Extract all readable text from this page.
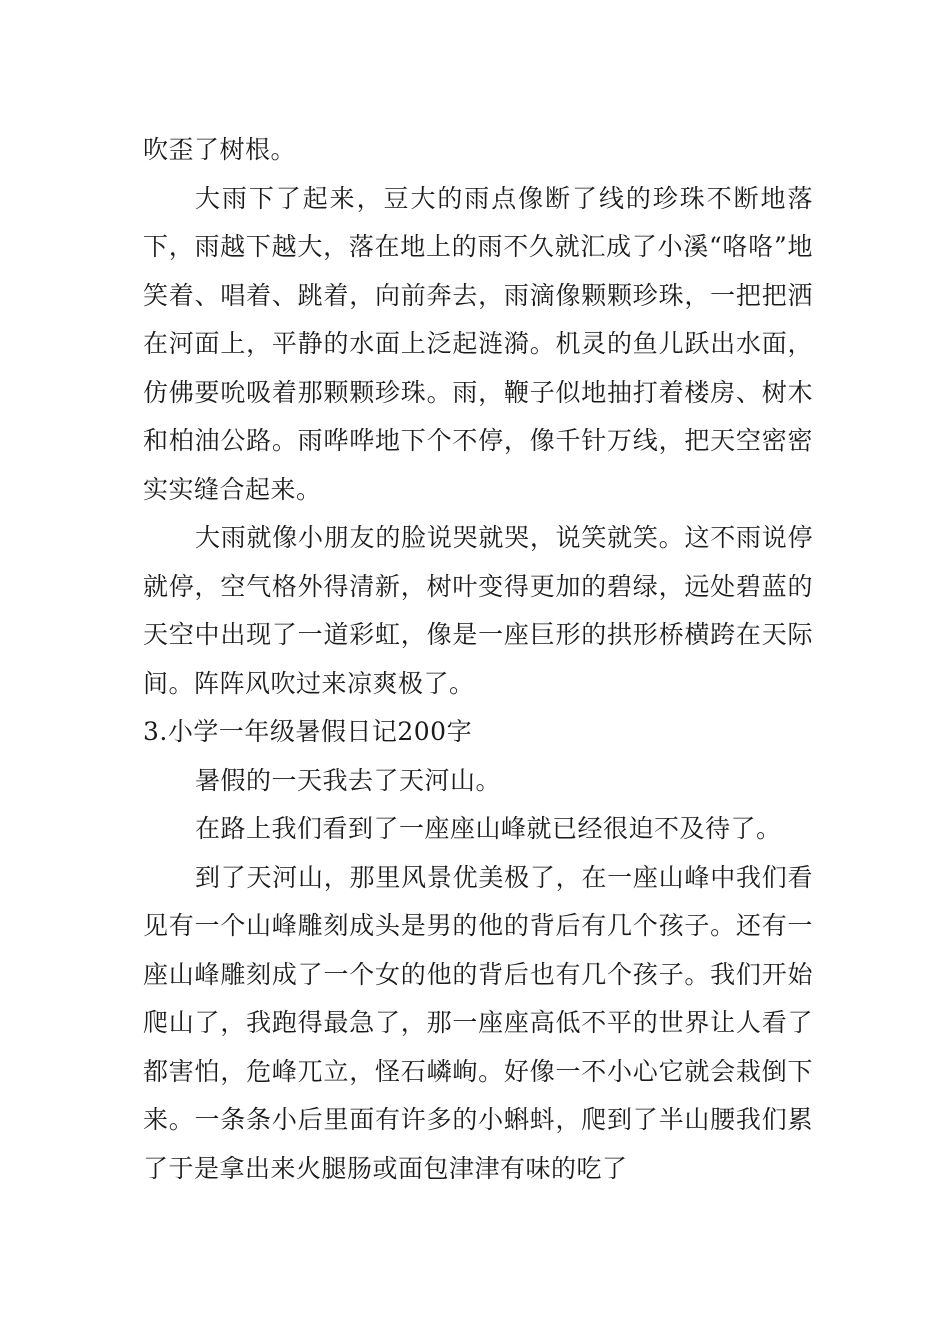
吹歪了树根。

大雨下了起来，豆大的雨点像断了线的珍珠不断地落下，雨越下越大，落在地上的雨不久就汇成了小溪“咯咯”地笑着、唱着、跳着，向前奔去，雨滴像颗颗珍珠，一把把洒在河面上，平静的水面上泛起涟漪。机灵的鱼儿跃出水面，仿佛要吮吸着那颗颗珍珠。雨，鞭子似地抽打着楼房、树木和柏油公路。雨哗哗地下个不停，像千针万线，把天空密密实实缝合起来。

大雨就像小朋友的脸说哭就哭，说笑就笑。这不雨说停就停，空气格外得清新，树叶变得更加的碧绿，远处碧蓝的天空中出现了一道彩虹，像是一座巨形的拱形桥横跨在天际间。阵阵风吹过来凉爽极了。

3.小学一年级暑假日记200字

暑假的一天我去了天河山。

在路上我们看到了一座座山峰就已经很迫不及待了。

到了天河山，那里风景优美极了，在一座山峰中我们看见有一个山峰雕刻成头是男的他的背后有几个孩子。还有一座山峰雕刻成了一个女的他的背后也有几个孩子。我们开始爬山了，我跑得最急了，那一座座高低不平的世界让人看了都害怕，危峰兀立，怪石嶙峋。好像一不小心它就会栽倒下来。一条条小后里面有许多的小蝌蚪，爬到了半山腰我们累了于是拿出来火腿肠或面包津津有味的吃了
